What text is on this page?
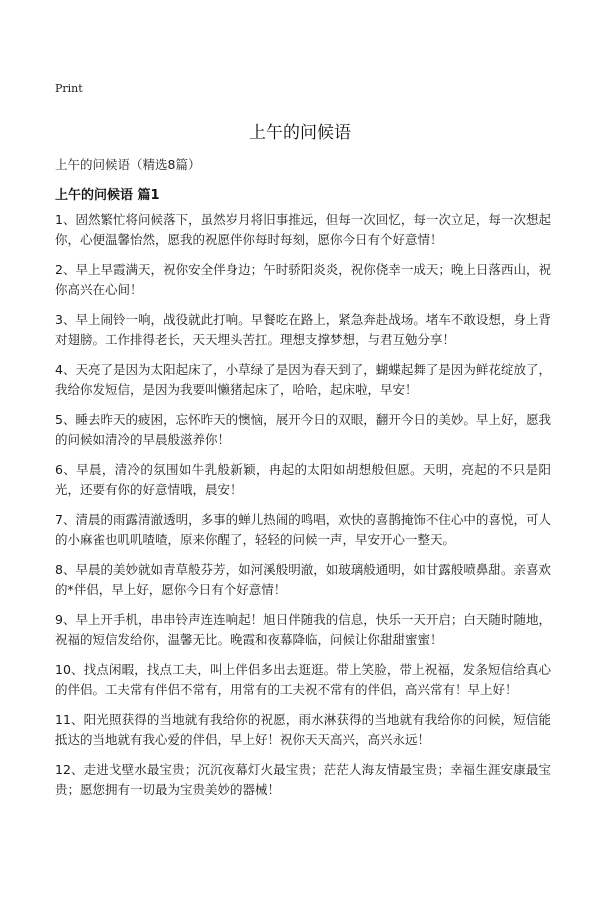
Print
上午的问候语
上午的问候语（精选8篇）
上午的问候语 篇1

1、固然繁忙将问候落下，虽然岁月将旧事推远，但每一次回忆，每一次立足，每一次想起你，心便温馨怡然，愿我的祝愿伴你每时每刻，愿你今日有个好意情！

2、早上早霞满天，祝你安全伴身边；午时骄阳炎炎，祝你侥幸一成天；晚上日落西山，祝你高兴在心间！

3、早上闹铃一响，战役就此打响。早餐吃在路上，紧急奔赴战场。堵车不敢设想，身上背对翅膀。工作排得老长，天天埋头苦扛。理想支撑梦想，与君互勉分享！

4、天亮了是因为太阳起床了，小草绿了是因为春天到了，蝴蝶起舞了是因为鲜花绽放了，我给你发短信，是因为我要叫懒猪起床了，哈哈，起床啦，早安！

5、睡去昨天的疲困，忘怀昨天的懊恼，展开今日的双眼，翻开今日的美妙。早上好，愿我的问候如清冷的早晨般滋养你！

6、早晨，清冷的氛围如牛乳般新颖，冉起的太阳如胡想般但愿。天明，亮起的不只是阳光，还要有你的好意情哦，晨安！

7、清晨的雨露清澈透明，多事的蝉儿热闹的鸣唱，欢快的喜鹊掩饰不住心中的喜悦，可人的小麻雀也叽叽喳喳，原来你醒了，轻轻的问候一声，早安开心一整天。

8、早晨的美妙就如青草般芬芳，如河溪般明澈，如玻璃般通明，如甘露般喷鼻甜。亲喜欢的*伴侣，早上好，愿你今日有个好意情！

9、早上开手机，串串铃声连连响起！旭日伴随我的信息，快乐一天开启；白天随时随地，祝福的短信发给你，温馨无比。晚霞和夜幕降临，问候让你甜甜蜜蜜！

10、找点闲暇，找点工夫，叫上伴侣多出去逛逛。带上笑脸，带上祝福，发条短信给真心的伴侣。工夫常有伴侣不常有，用常有的工夫祝不常有的伴侣，高兴常有！早上好！

11、阳光照获得的当地就有我给你的祝愿，雨水淋获得的当地就有我给你的问候，短信能抵达的当地就有我心爱的伴侣，早上好！祝你天天高兴，高兴永远！

12、走进戈壁水最宝贵；沉沉夜幕灯火最宝贵；茫茫人海友情最宝贵；幸福生涯安康最宝贵；愿您拥有一切最为宝贵美妙的器械！
